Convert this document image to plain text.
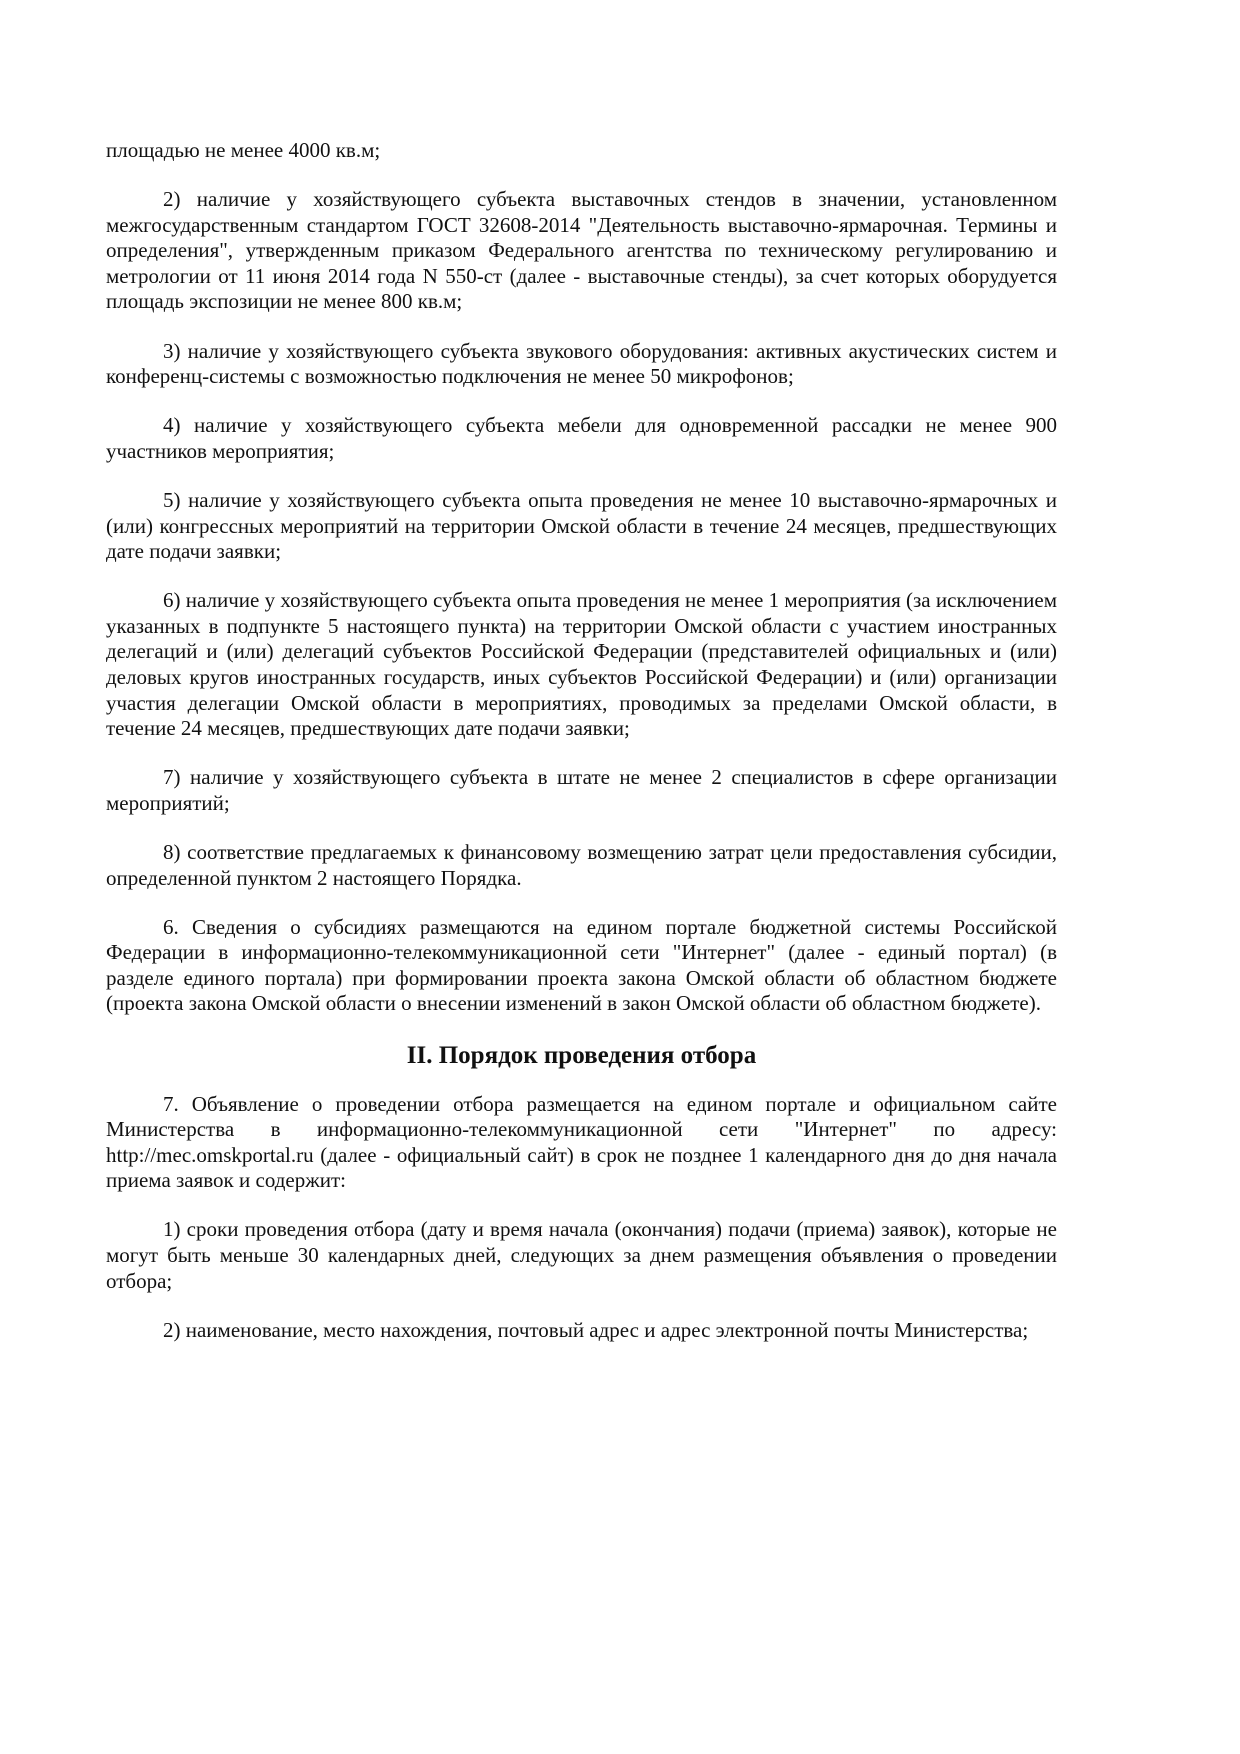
площадью не менее 4000 кв.м;

2) наличие у хозяйствующего субъекта выставочных стендов в значении, установленном межгосударственным стандартом ГОСТ 32608-2014 "Деятельность выставочно-ярмарочная. Термины и определения", утвержденным приказом Федерального агентства по техническому регулированию и метрологии от 11 июня 2014 года N 550-ст (далее - выставочные стенды), за счет которых оборудуется площадь экспозиции не менее 800 кв.м;

3) наличие у хозяйствующего субъекта звукового оборудования: активных акустических систем и конференц-системы с возможностью подключения не менее 50 микрофонов;

4) наличие у хозяйствующего субъекта мебели для одновременной рассадки не менее 900 участников мероприятия;

5) наличие у хозяйствующего субъекта опыта проведения не менее 10 выставочно-ярмарочных и (или) конгрессных мероприятий на территории Омской области в течение 24 месяцев, предшествующих дате подачи заявки;

6) наличие у хозяйствующего субъекта опыта проведения не менее 1 мероприятия (за исключением указанных в подпункте 5 настоящего пункта) на территории Омской области с участием иностранных делегаций и (или) делегаций субъектов Российской Федерации (представителей официальных и (или) деловых кругов иностранных государств, иных субъектов Российской Федерации) и (или) организации участия делегации Омской области в мероприятиях, проводимых за пределами Омской области, в течение 24 месяцев, предшествующих дате подачи заявки;

7) наличие у хозяйствующего субъекта в штате не менее 2 специалистов в сфере организации мероприятий;

8) соответствие предлагаемых к финансовому возмещению затрат цели предоставления субсидии, определенной пунктом 2 настоящего Порядка.

6. Сведения о субсидиях размещаются на едином портале бюджетной системы Российской Федерации в информационно-телекоммуникационной сети "Интернет" (далее - единый портал) (в разделе единого портала) при формировании проекта закона Омской области об областном бюджете (проекта закона Омской области о внесении изменений в закон Омской области об областном бюджете).

II. Порядок проведения отбора

7. Объявление о проведении отбора размещается на едином портале и официальном сайте Министерства в информационно-телекоммуникационной сети "Интернет" по адресу: http://mec.omskportal.ru (далее - официальный сайт) в срок не позднее 1 календарного дня до дня начала приема заявок и содержит:

1) сроки проведения отбора (дату и время начала (окончания) подачи (приема) заявок), которые не могут быть меньше 30 календарных дней, следующих за днем размещения объявления о проведении отбора;

2) наименование, место нахождения, почтовый адрес и адрес электронной почты Министерства;
